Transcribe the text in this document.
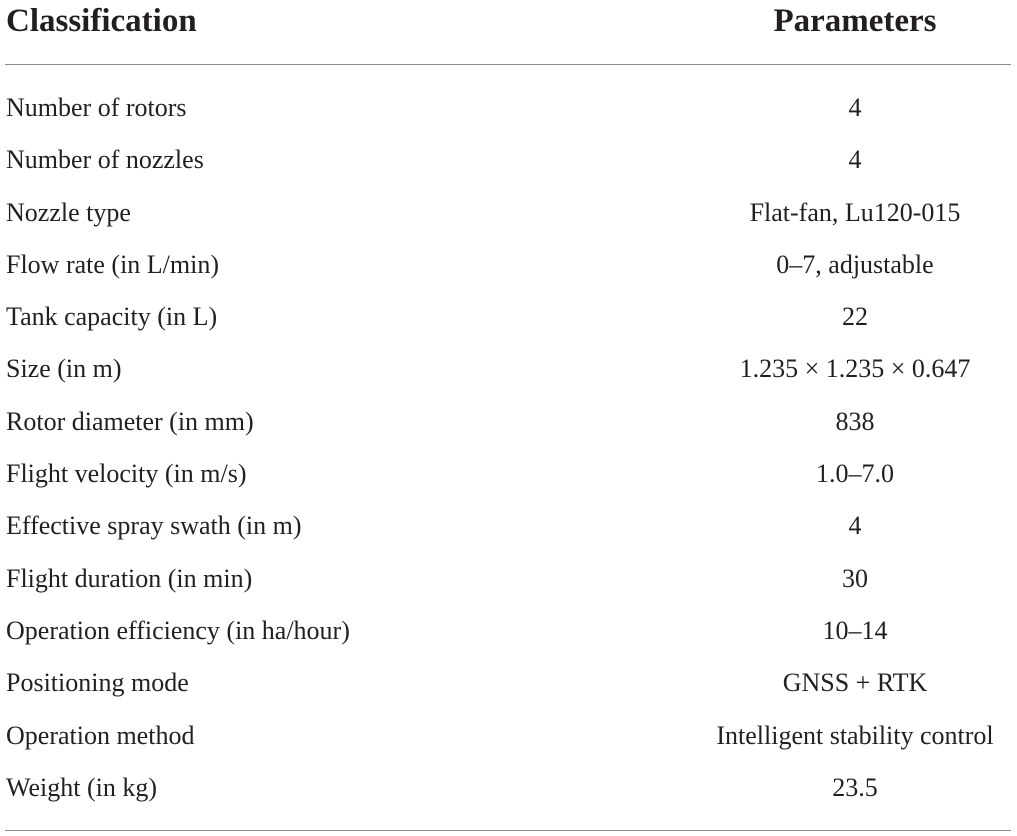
Classification	Parameters
Number of rotors	4
Number of nozzles	4
Nozzle type	Flat-fan, Lu120-015
Flow rate (in L/min)	0–7, adjustable
Tank capacity (in L)	22
Size (in m)	1.235 × 1.235 × 0.647
Rotor diameter (in mm)	838
Flight velocity (in m/s)	1.0–7.0
Effective spray swath (in m)	4
Flight duration (in min)	30
Operation efficiency (in ha/hour)	10–14
Positioning mode	GNSS + RTK
Operation method	Intelligent stability control
Weight (in kg)	23.5
